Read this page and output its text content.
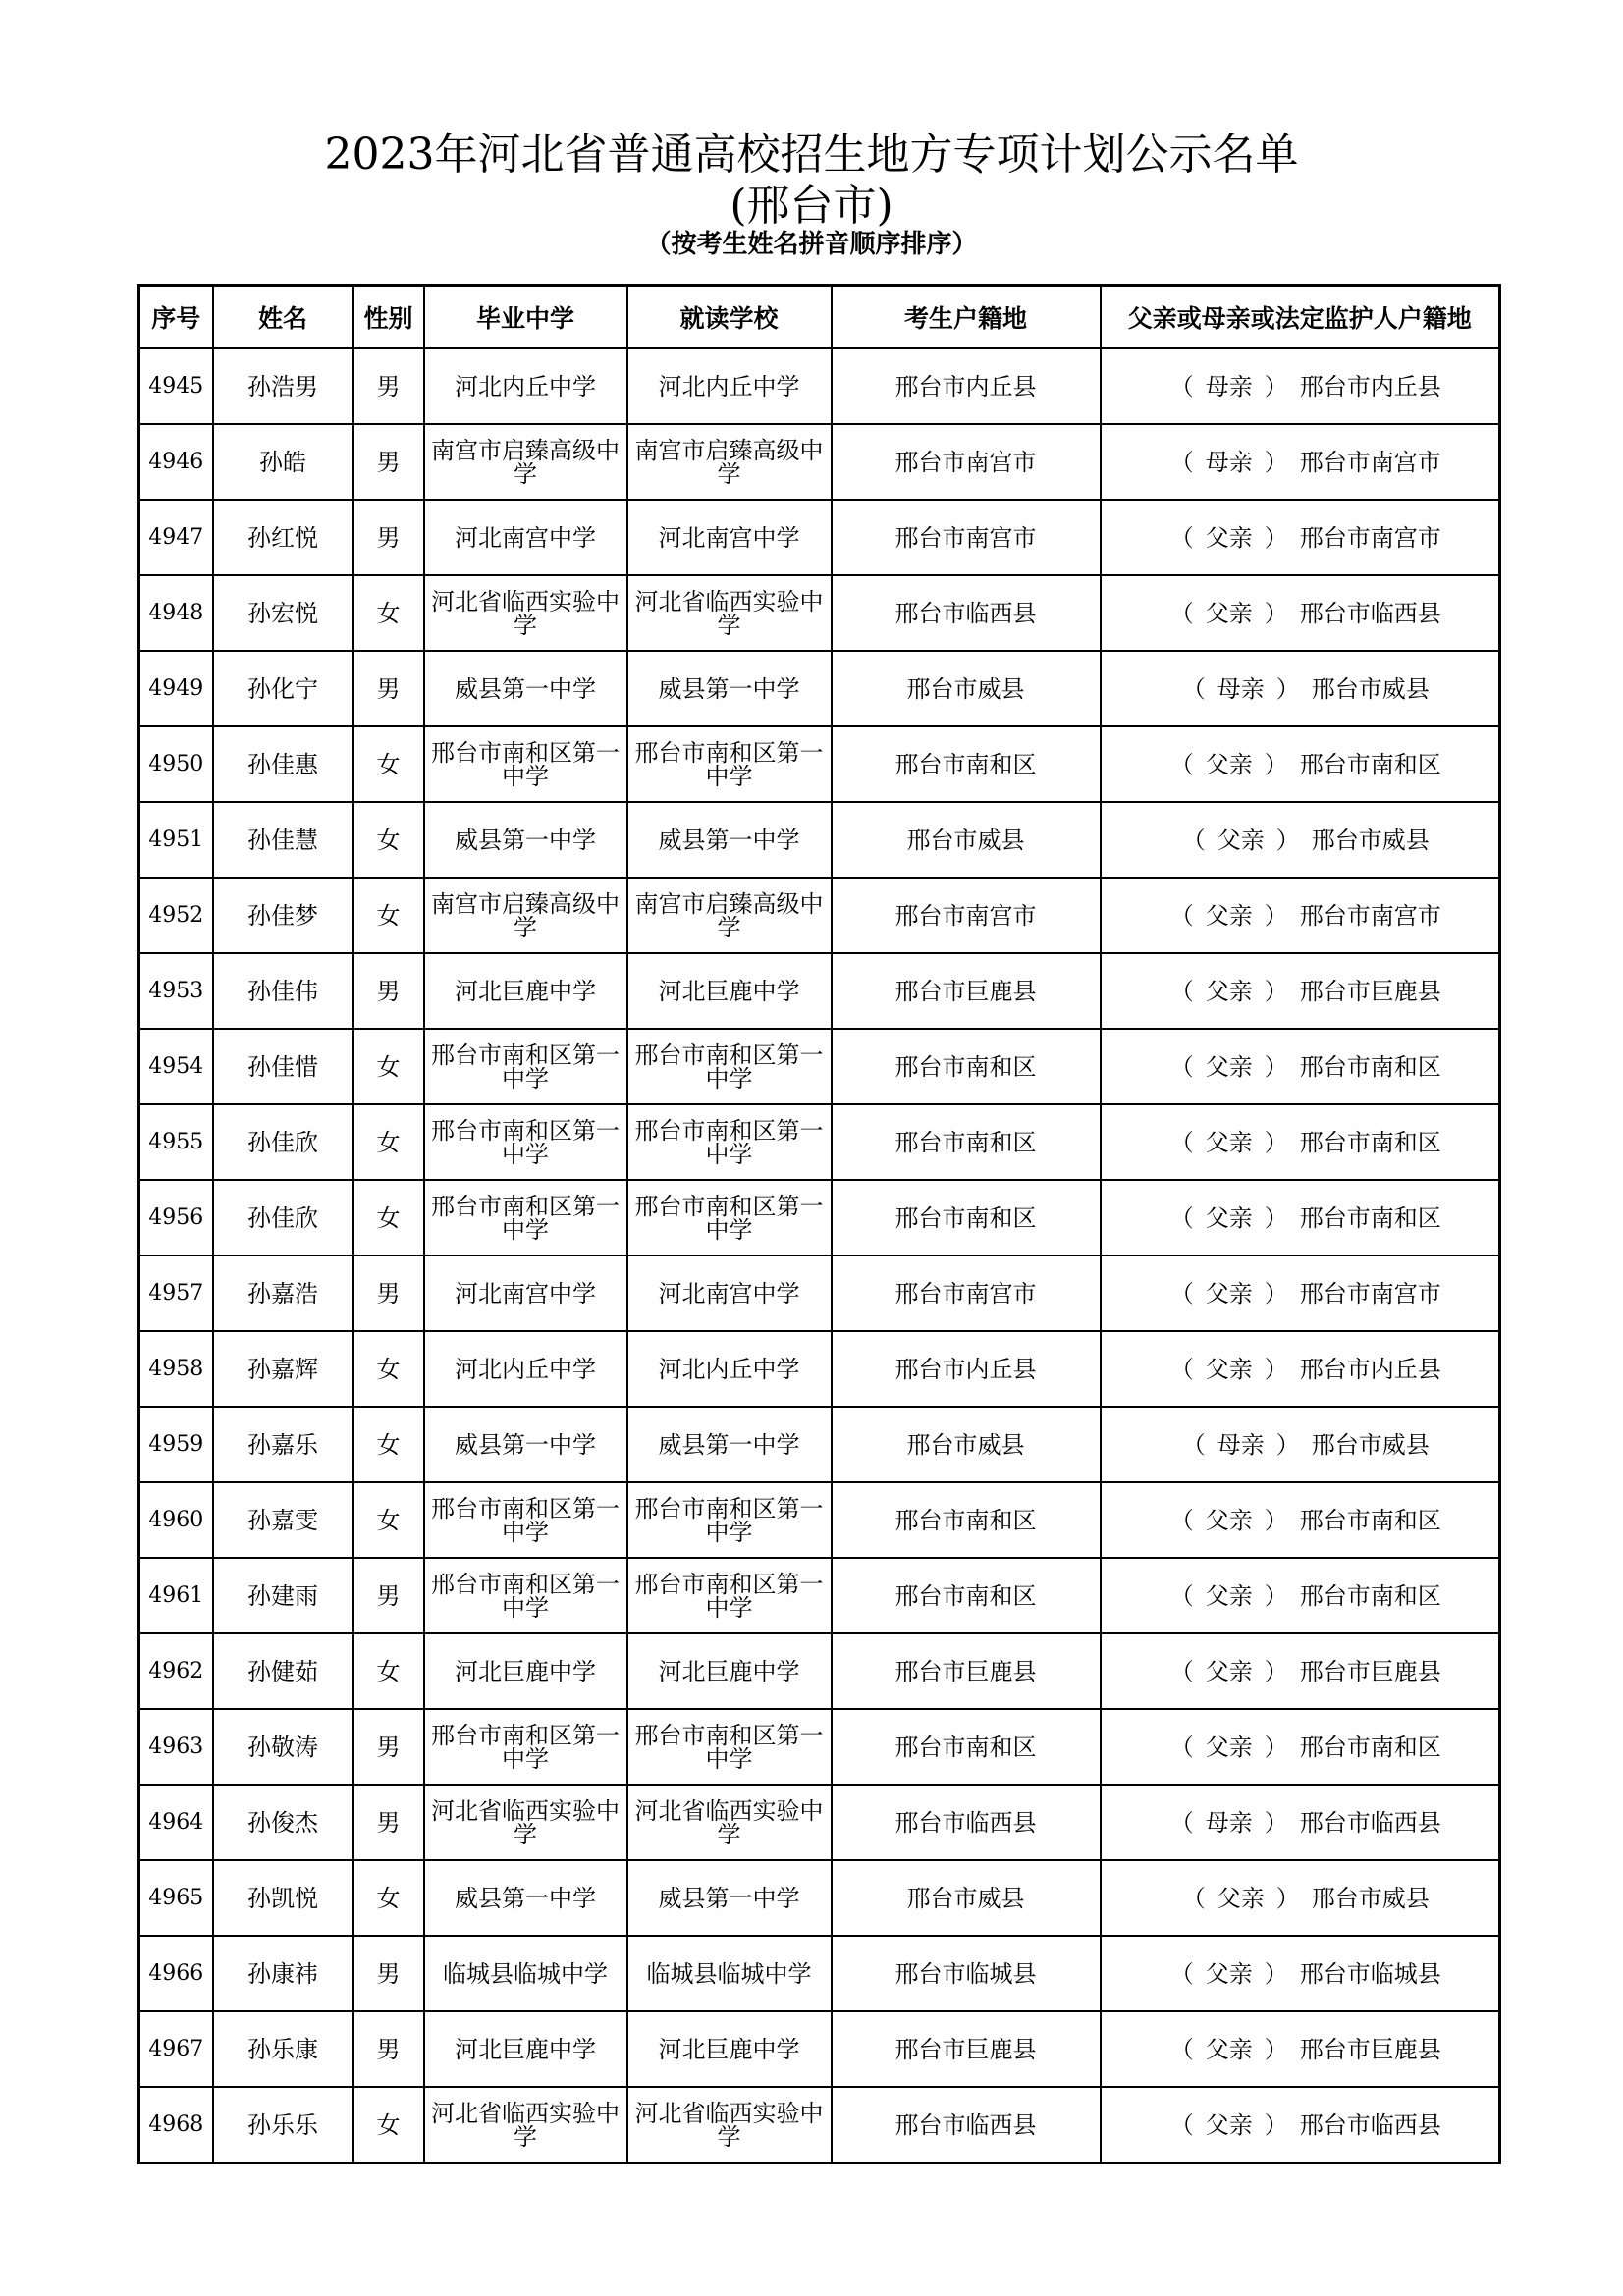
2023年河北省普通高校招生地方专项计划公示名单
(邢台市)
（按考生姓名拼音顺序排序）
序号	姓名	性别	毕业中学	就读学校	考生户籍地	父亲或母亲或法定监护人户籍地
4945	孙浩男	男	河北内丘中学	河北内丘中学	邢台市内丘县	（ 母亲 ） 邢台市内丘县
4946	孙皓	男	南宫市启臻高级中学	南宫市启臻高级中学	邢台市南宫市	（ 母亲 ） 邢台市南宫市
4947	孙红悦	男	河北南宫中学	河北南宫中学	邢台市南宫市	（ 父亲 ） 邢台市南宫市
4948	孙宏悦	女	河北省临西实验中学	河北省临西实验中学	邢台市临西县	（ 父亲 ） 邢台市临西县
4949	孙化宁	男	威县第一中学	威县第一中学	邢台市威县	（ 母亲 ） 邢台市威县
4950	孙佳惠	女	邢台市南和区第一中学	邢台市南和区第一中学	邢台市南和区	（ 父亲 ） 邢台市南和区
4951	孙佳慧	女	威县第一中学	威县第一中学	邢台市威县	（ 父亲 ） 邢台市威县
4952	孙佳梦	女	南宫市启臻高级中学	南宫市启臻高级中学	邢台市南宫市	（ 父亲 ） 邢台市南宫市
4953	孙佳伟	男	河北巨鹿中学	河北巨鹿中学	邢台市巨鹿县	（ 父亲 ） 邢台市巨鹿县
4954	孙佳惜	女	邢台市南和区第一中学	邢台市南和区第一中学	邢台市南和区	（ 父亲 ） 邢台市南和区
4955	孙佳欣	女	邢台市南和区第一中学	邢台市南和区第一中学	邢台市南和区	（ 父亲 ） 邢台市南和区
4956	孙佳欣	女	邢台市南和区第一中学	邢台市南和区第一中学	邢台市南和区	（ 父亲 ） 邢台市南和区
4957	孙嘉浩	男	河北南宫中学	河北南宫中学	邢台市南宫市	（ 父亲 ） 邢台市南宫市
4958	孙嘉辉	女	河北内丘中学	河北内丘中学	邢台市内丘县	（ 父亲 ） 邢台市内丘县
4959	孙嘉乐	女	威县第一中学	威县第一中学	邢台市威县	（ 母亲 ） 邢台市威县
4960	孙嘉雯	女	邢台市南和区第一中学	邢台市南和区第一中学	邢台市南和区	（ 父亲 ） 邢台市南和区
4961	孙建雨	男	邢台市南和区第一中学	邢台市南和区第一中学	邢台市南和区	（ 父亲 ） 邢台市南和区
4962	孙健茹	女	河北巨鹿中学	河北巨鹿中学	邢台市巨鹿县	（ 父亲 ） 邢台市巨鹿县
4963	孙敬涛	男	邢台市南和区第一中学	邢台市南和区第一中学	邢台市南和区	（ 父亲 ） 邢台市南和区
4964	孙俊杰	男	河北省临西实验中学	河北省临西实验中学	邢台市临西县	（ 母亲 ） 邢台市临西县
4965	孙凯悦	女	威县第一中学	威县第一中学	邢台市威县	（ 父亲 ） 邢台市威县
4966	孙康祎	男	临城县临城中学	临城县临城中学	邢台市临城县	（ 父亲 ） 邢台市临城县
4967	孙乐康	男	河北巨鹿中学	河北巨鹿中学	邢台市巨鹿县	（ 父亲 ） 邢台市巨鹿县
4968	孙乐乐	女	河北省临西实验中学	河北省临西实验中学	邢台市临西县	（ 父亲 ） 邢台市临西县
